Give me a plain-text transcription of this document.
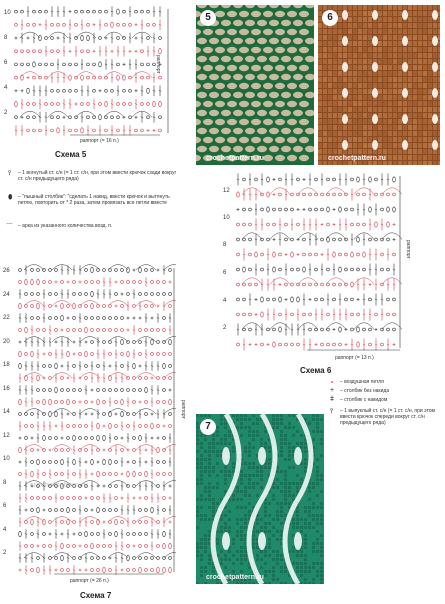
10
8
6
4
2
раппорт
раппорт (= 16 п.)
Схема 5
⫯ – 1 вогнутый ст. с/н (= 1 ст. с/н, при этом ввести крючок сзади вокруг ст. с/н предыдущего ряда)
⬮ – "пышный столбик": "сделать 1 накид, ввести крючок и вытянуть петлю, повторить от * 2 раза, затем провязать все петли вместе
⌒ – арка из указанного количества возд. п.
5
crochetpattern.ru
6
crochetpattern.ru
12
10
8
6
4
2
раппорт
раппорт (= 13 п.)
Схема 6
∘ – воздушная петля
+ – столбик без накида
ǂ – столбик с накидом
⫯ – 1 выпуклый ст. с/н (= 1 ст. с/н, при этом ввести крючок спереди вокруг ст. с/н предыдущего ряда)
26
24
22
20
18
16
14
12
10
8
6
4
2
раппорт
раппорт (= 26 п.)
Схема 7
crochetpattern.ru
7
crochetpattern.ru
